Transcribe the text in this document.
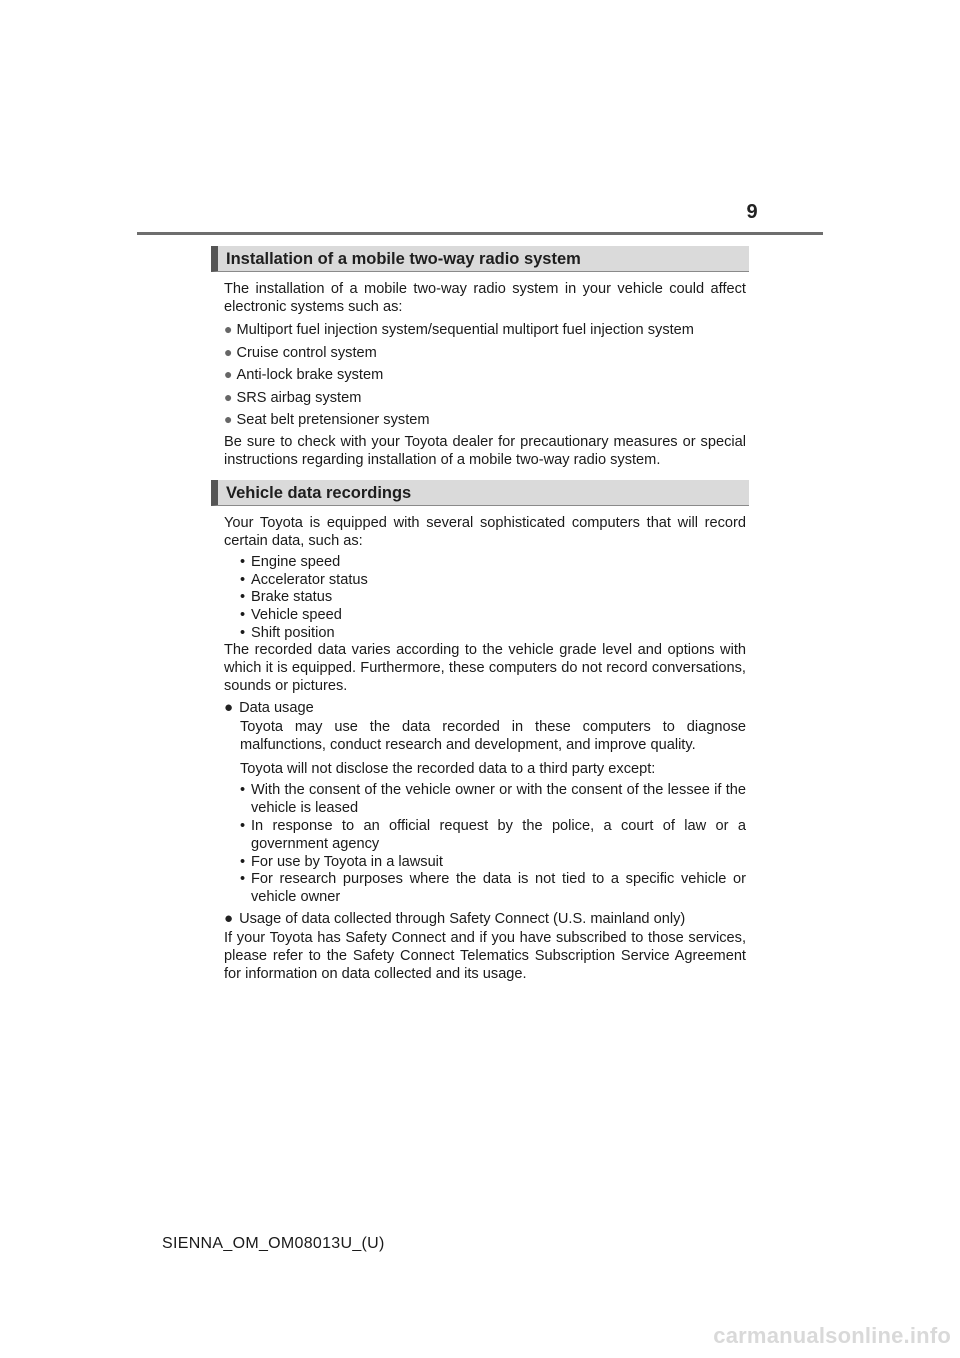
9
Installation of a mobile two-way radio system
The installation of a mobile two-way radio system in your vehicle could affect electronic systems such as:
● Multiport fuel injection system/sequential multiport fuel injection system
● Cruise control system
● Anti-lock brake system
● SRS airbag system
● Seat belt pretensioner system
Be sure to check with your Toyota dealer for precautionary measures or special instructions regarding installation of a mobile two-way radio system.
Vehicle data recordings
Your Toyota is equipped with several sophisticated computers that will record certain data, such as:
• Engine speed
• Accelerator status
• Brake status
• Vehicle speed
• Shift position
The recorded data varies according to the vehicle grade level and options with which it is equipped. Furthermore, these computers do not record conversations, sounds or pictures.
● Data usage
Toyota may use the data recorded in these computers to diagnose malfunctions, conduct research and development, and improve quality.
Toyota will not disclose the recorded data to a third party except:
• With the consent of the vehicle owner or with the consent of the lessee if the vehicle is leased
• In response to an official request by the police, a court of law or a government agency
• For use by Toyota in a lawsuit
• For research purposes where the data is not tied to a specific vehicle or vehicle owner
● Usage of data collected through Safety Connect (U.S. mainland only)
If your Toyota has Safety Connect and if you have subscribed to those services, please refer to the Safety Connect Telematics Subscription Service Agreement for information on data collected and its usage.
SIENNA_OM_OM08013U_(U)
carmanualsonline.info
